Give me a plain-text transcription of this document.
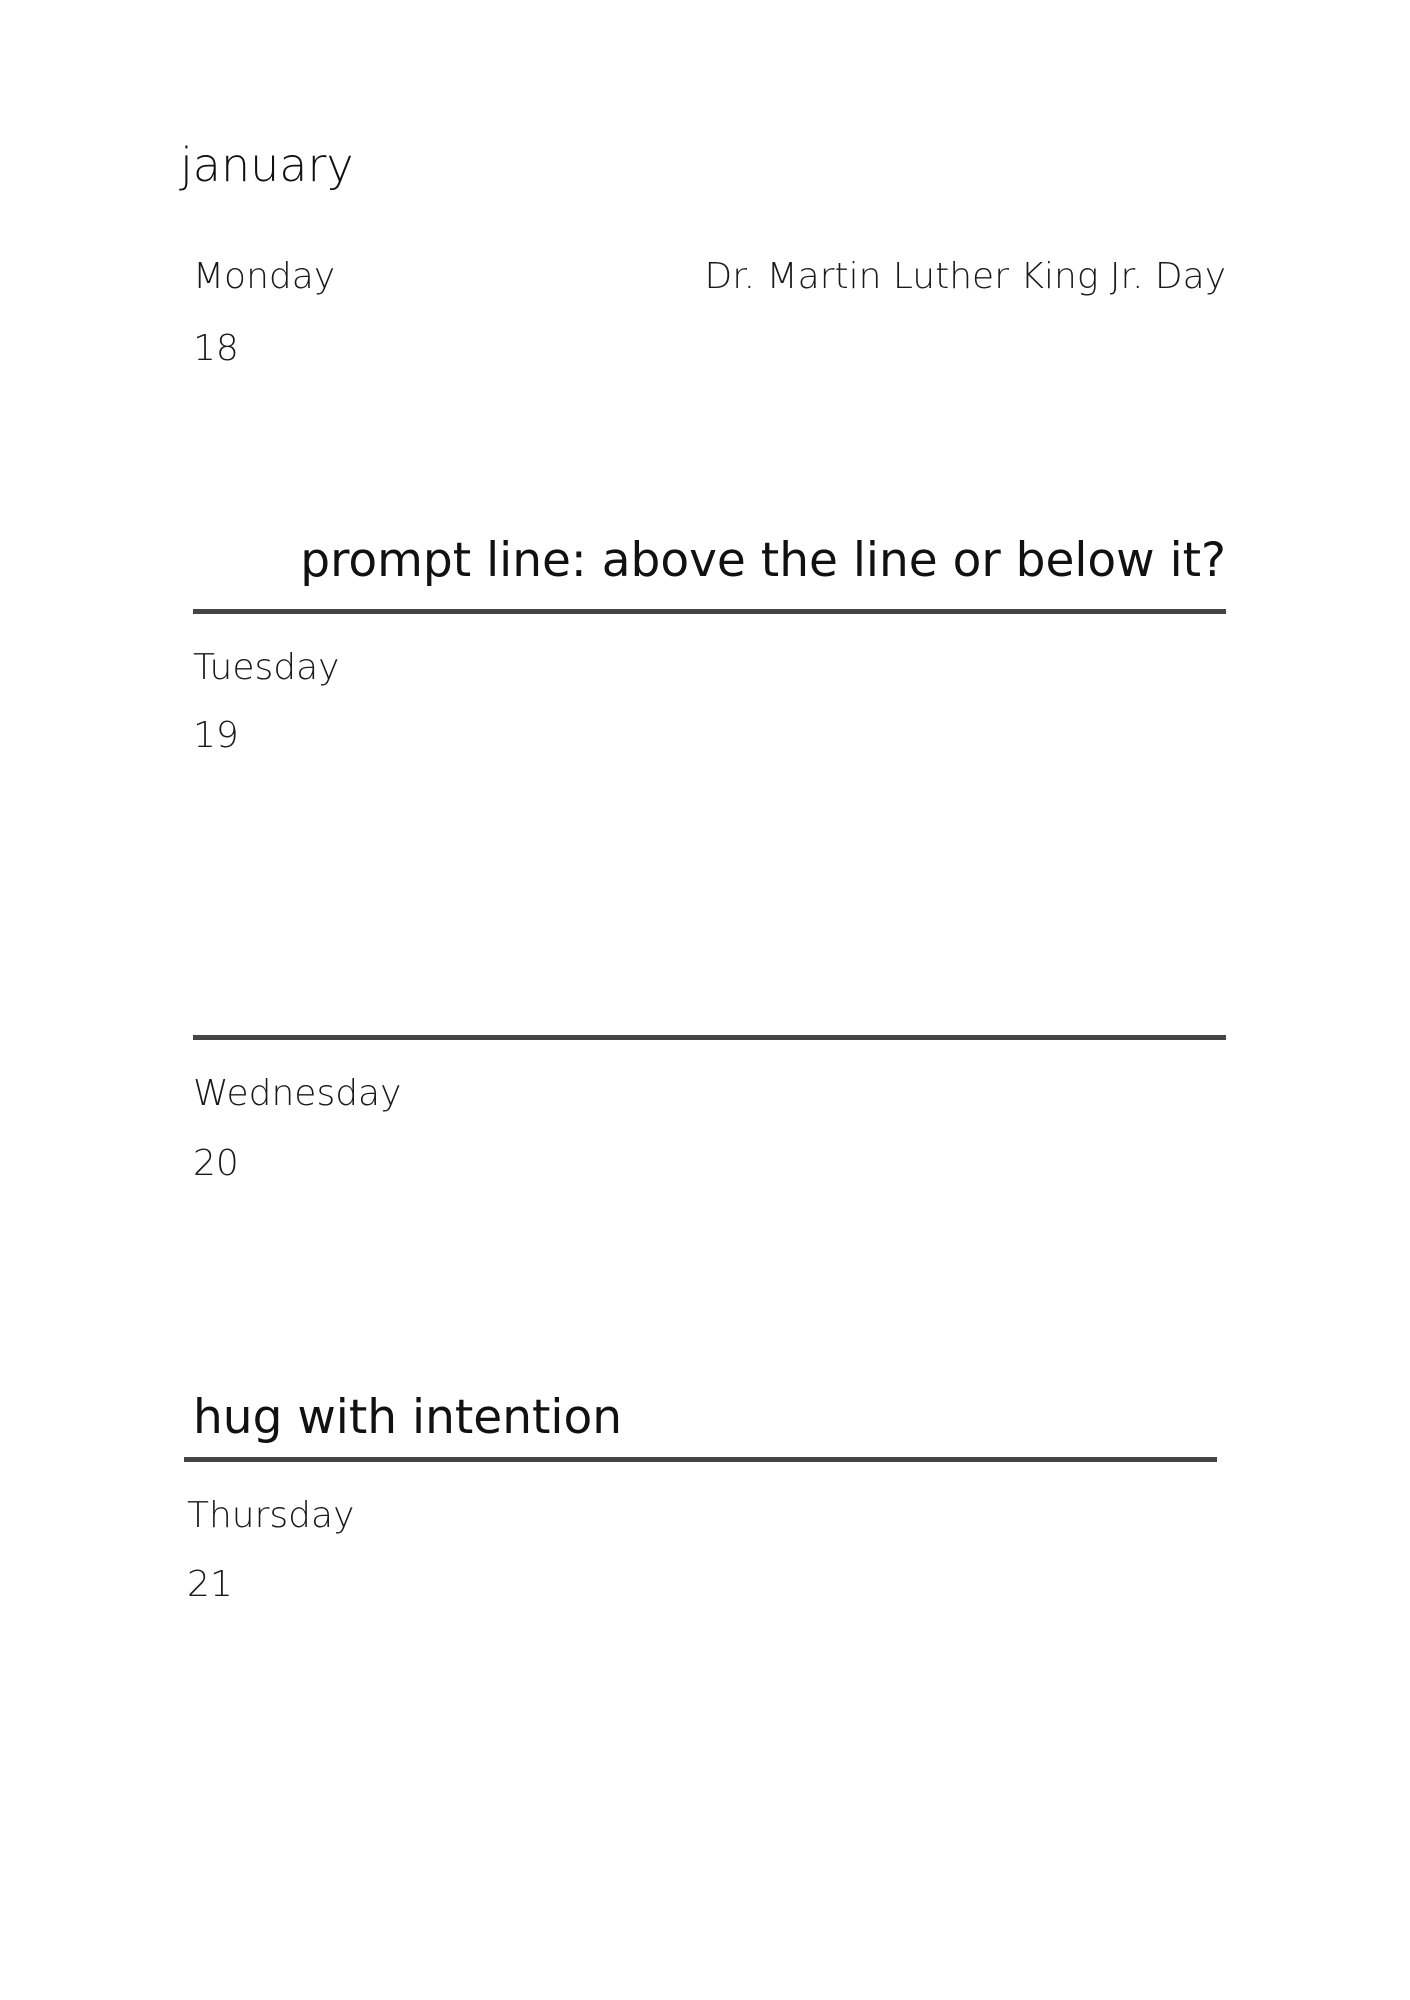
january
Monday	Dr. Martin Luther King Jr. Day
18
prompt line: above the line or below it?
Tuesday
19
Wednesday
20
hug with intention
Thursday
21
